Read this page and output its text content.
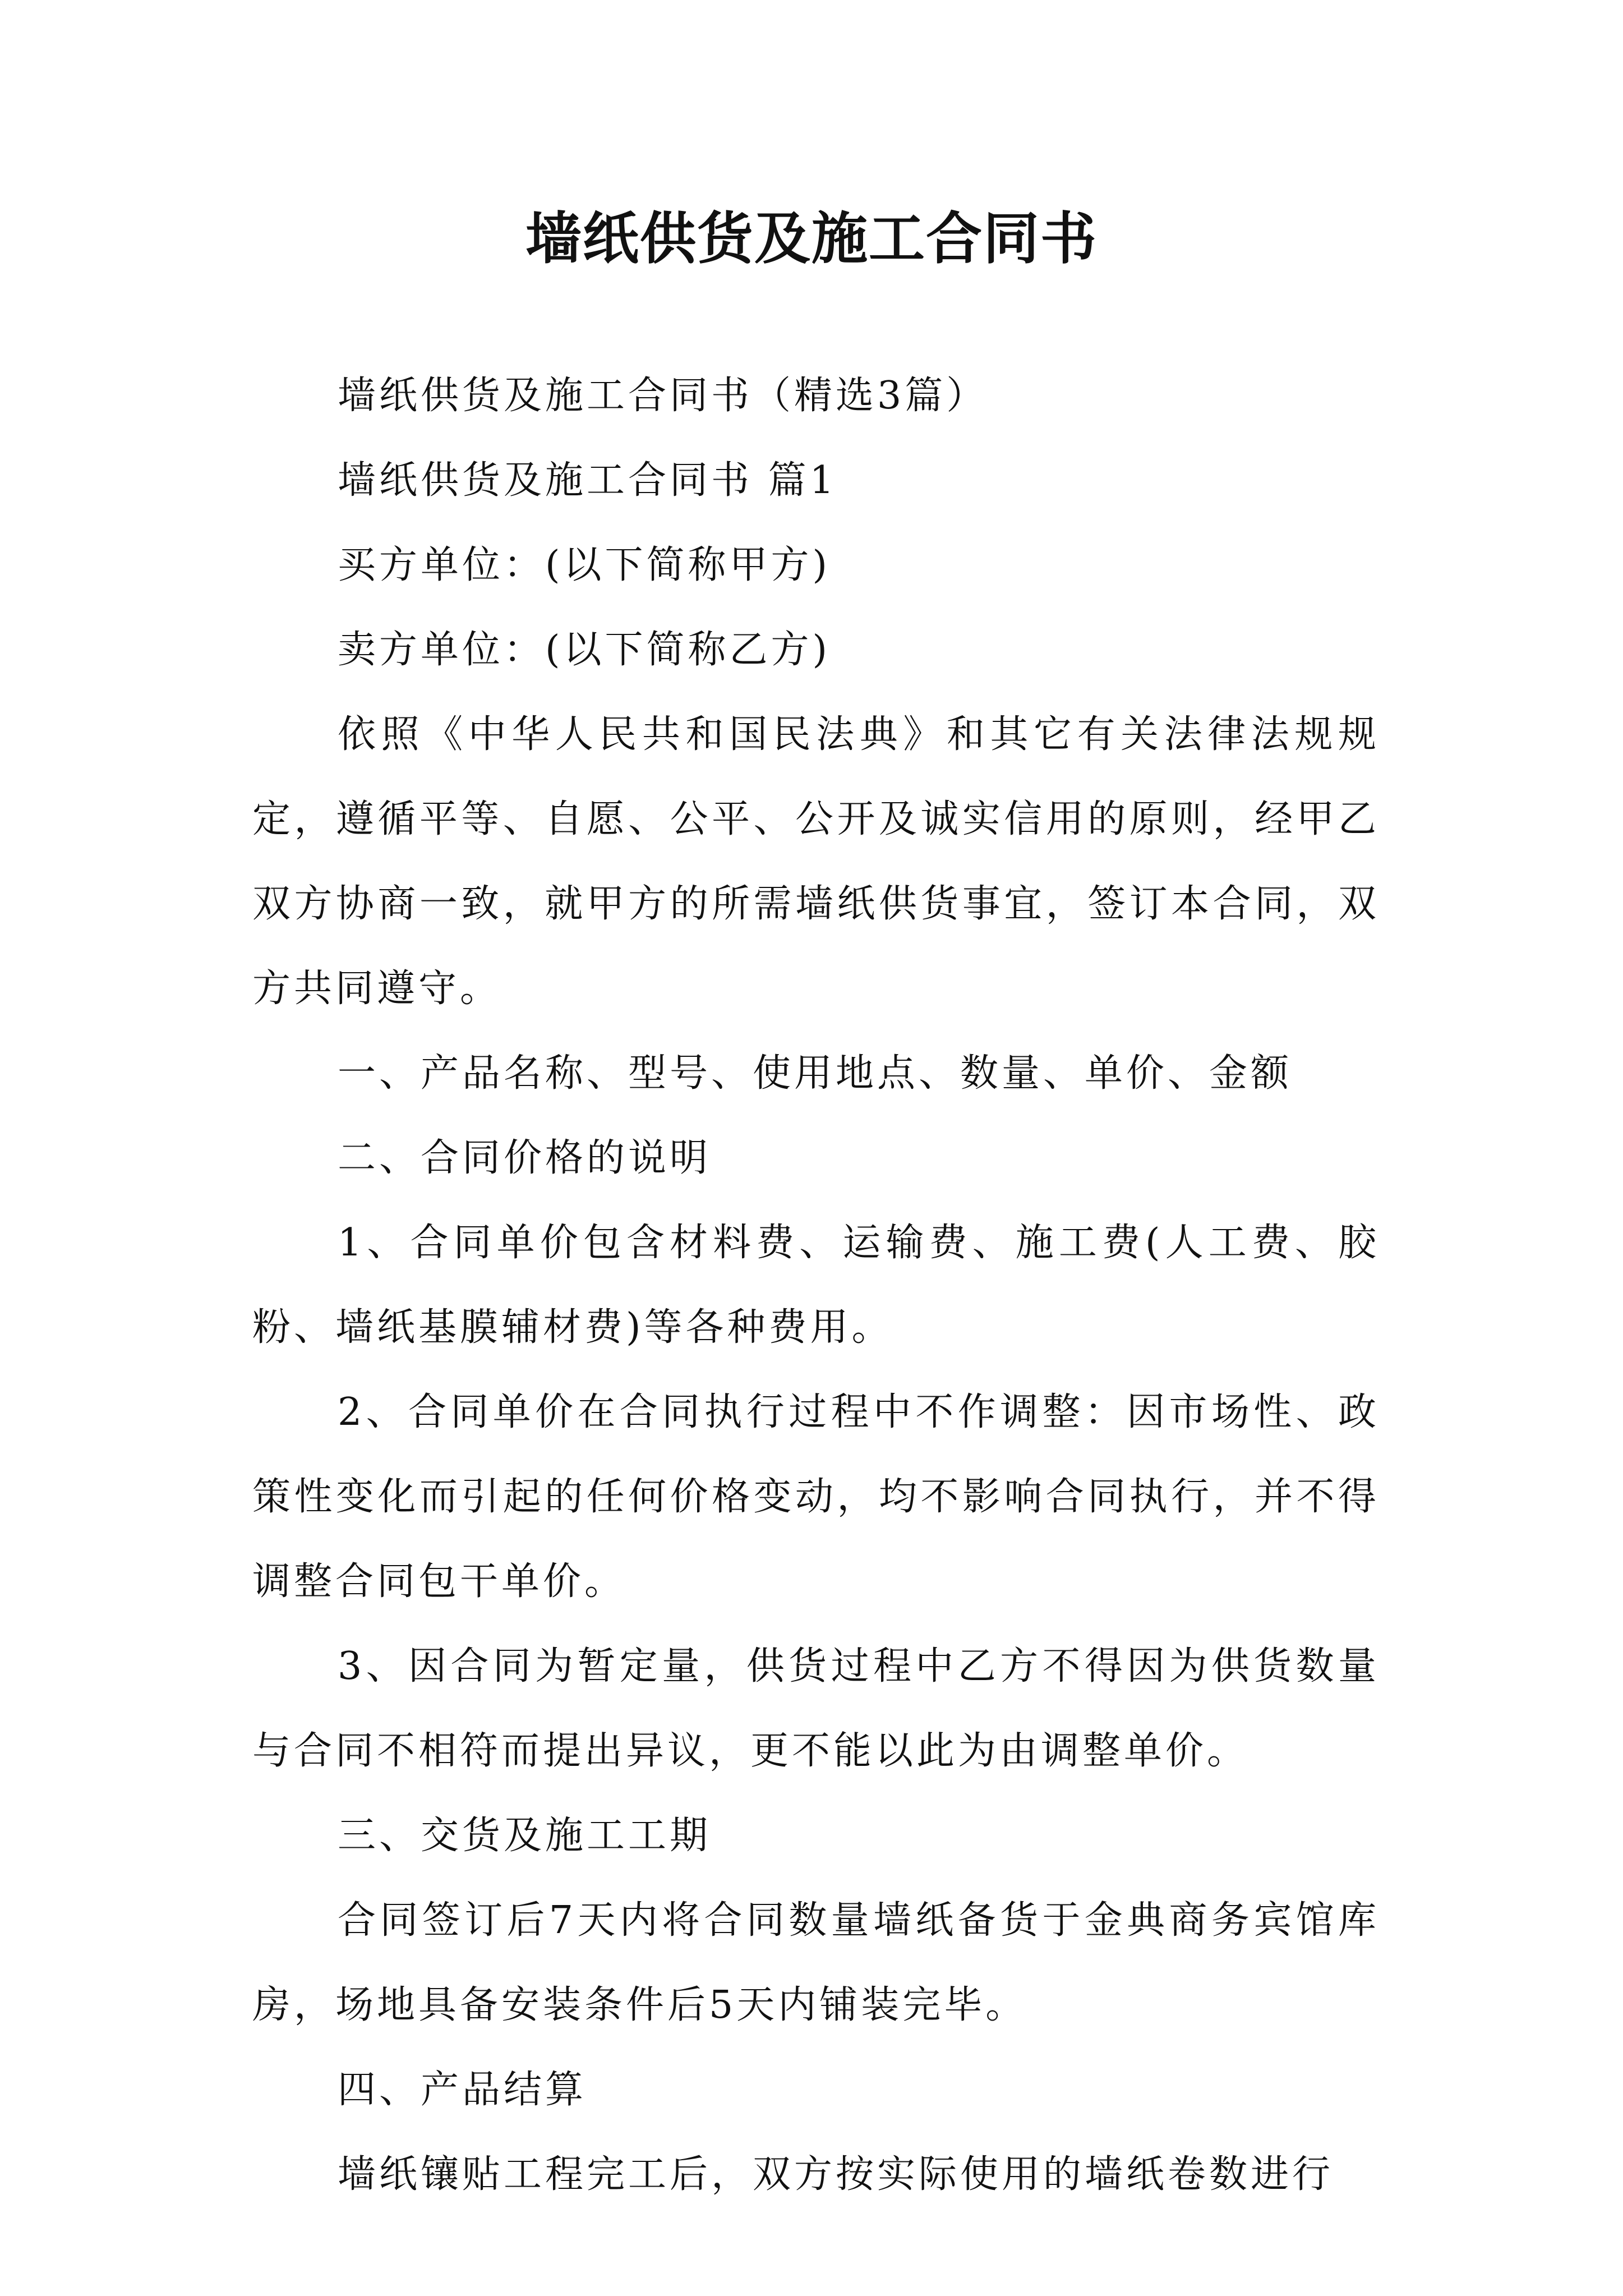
墙纸供货及施工合同书

墙纸供货及施工合同书（精选3篇）

墙纸供货及施工合同书 篇1

买方单位：(以下简称甲方)

卖方单位：(以下简称乙方)

依照《中华人民共和国民法典》和其它有关法律法规规定，遵循平等、自愿、公平、公开及诚实信用的原则，经甲乙双方协商一致，就甲方的所需墙纸供货事宜，签订本合同，双方共同遵守。

一、产品名称、型号、使用地点、数量、单价、金额

二、合同价格的说明

1、合同单价包含材料费、运输费、施工费(人工费、胶粉、墙纸基膜辅材费)等各种费用。

2、合同单价在合同执行过程中不作调整：因市场性、政策性变化而引起的任何价格变动，均不影响合同执行，并不得调整合同包干单价。

3、因合同为暂定量，供货过程中乙方不得因为供货数量与合同不相符而提出异议，更不能以此为由调整单价。

三、交货及施工工期

合同签订后7天内将合同数量墙纸备货于金典商务宾馆库房，场地具备安装条件后5天内铺装完毕。

四、产品结算

墙纸镶贴工程完工后，双方按实际使用的墙纸卷数进行
